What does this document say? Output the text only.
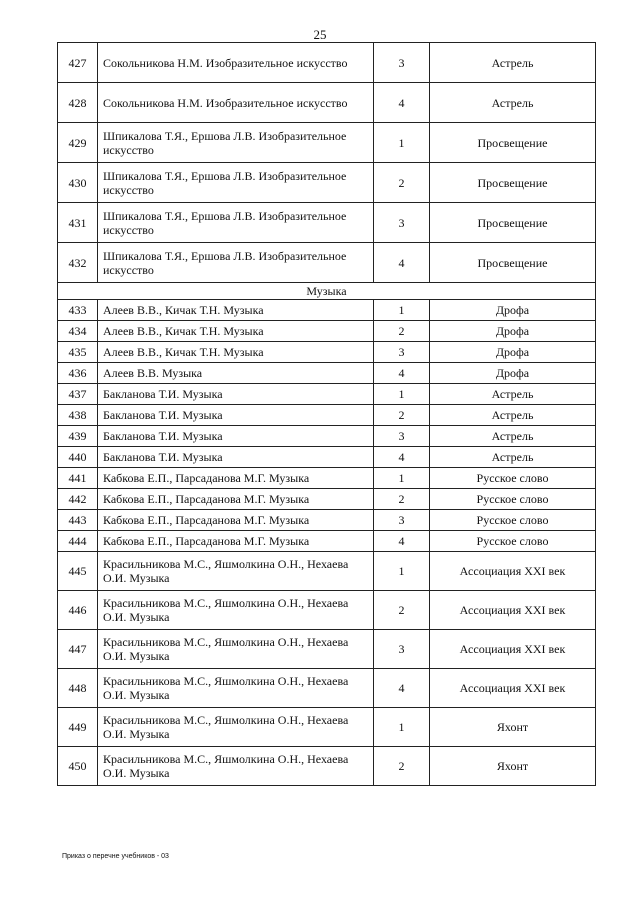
25
427	Сокольникова Н.М. Изобразительное искусство	3	Астрель
428	Сокольникова Н.М. Изобразительное искусство	4	Астрель
429	Шпикалова Т.Я., Ершова Л.В. Изобразительное искусство	1	Просвещение
430	Шпикалова Т.Я., Ершова Л.В. Изобразительное искусство	2	Просвещение
431	Шпикалова Т.Я., Ершова Л.В. Изобразительное искусство	3	Просвещение
432	Шпикалова Т.Я., Ершова Л.В. Изобразительное искусство	4	Просвещение
Музыка			
433	Алеев В.В., Кичак Т.Н. Музыка	1	Дрофа
434	Алеев В.В., Кичак Т.Н. Музыка	2	Дрофа
435	Алеев В.В., Кичак Т.Н. Музыка	3	Дрофа
436	Алеев В.В. Музыка	4	Дрофа
437	Бакланова Т.И. Музыка	1	Астрель
438	Бакланова Т.И. Музыка	2	Астрель
439	Бакланова Т.И. Музыка	3	Астрель
440	Бакланова Т.И. Музыка	4	Астрель
441	Кабкова Е.П., Парсаданова М.Г. Музыка	1	Русское слово
442	Кабкова Е.П., Парсаданова М.Г. Музыка	2	Русское слово
443	Кабкова Е.П., Парсаданова М.Г. Музыка	3	Русское слово
444	Кабкова Е.П., Парсаданова М.Г. Музыка	4	Русское слово
445	Красильникова М.С., Яшмолкина О.Н., Нехаева О.И. Музыка	1	Ассоциация XXI век
446	Красильникова М.С., Яшмолкина О.Н., Нехаева О.И. Музыка	2	Ассоциация XXI век
447	Красильникова М.С., Яшмолкина О.Н., Нехаева О.И. Музыка	3	Ассоциация XXI век
448	Красильникова М.С., Яшмолкина О.Н., Нехаева О.И. Музыка	4	Ассоциация XXI век
449	Красильникова М.С., Яшмолкина О.Н., Нехаева О.И. Музыка	1	Яхонт
450	Красильникова М.С., Яшмолкина О.Н., Нехаева О.И. Музыка	2	Яхонт
Приказ о перечне учебников - 03
